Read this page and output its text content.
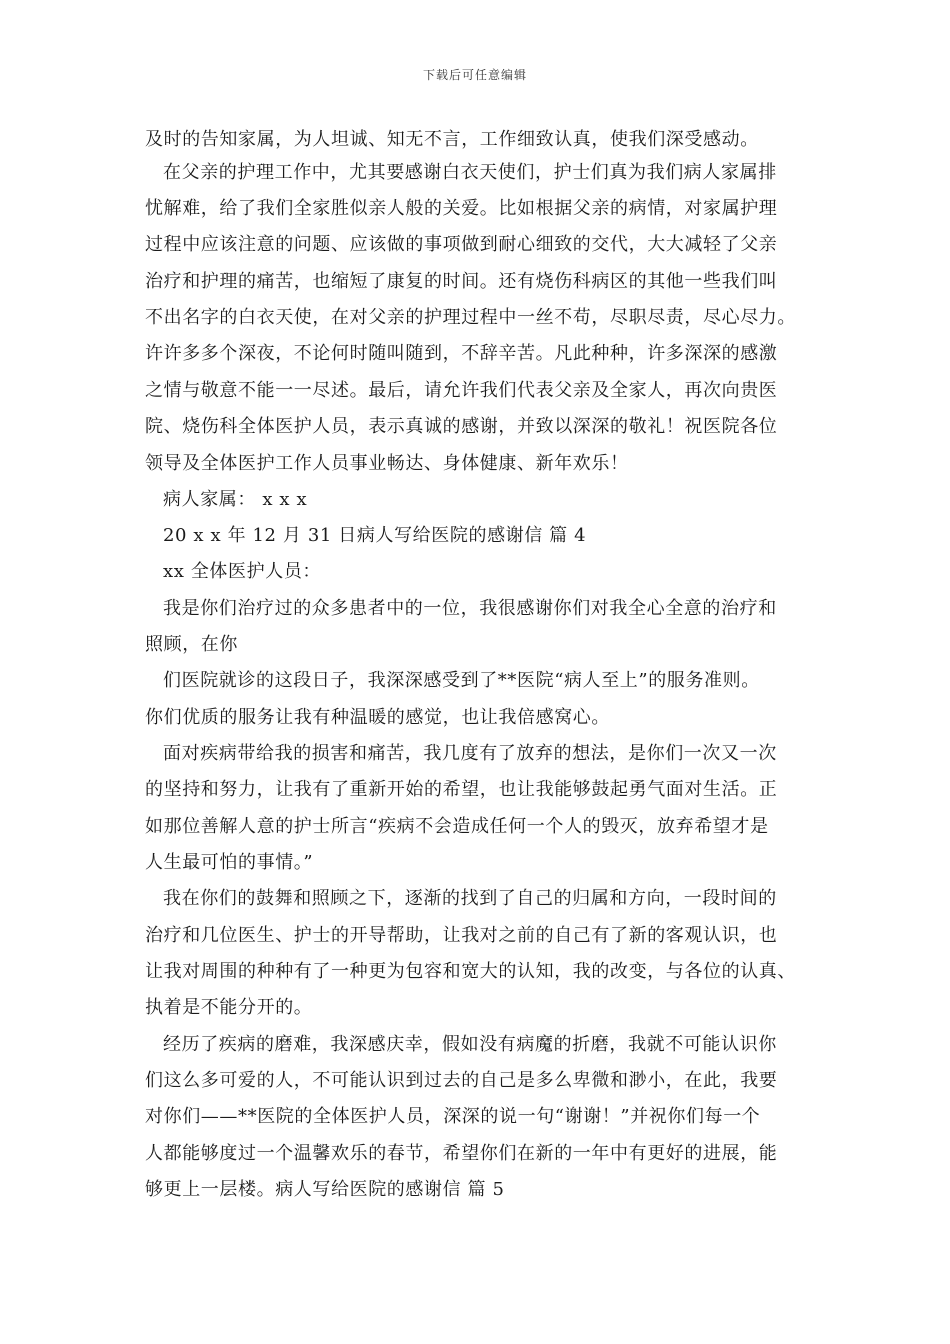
下载后可任意编辑
及时的告知家属，为人坦诚、知无不言，工作细致认真，使我们深受感动。
在父亲的护理工作中，尤其要感谢白衣天使们，护士们真为我们病人家属排
忧解难，给了我们全家胜似亲人般的关爱。比如根据父亲的病情，对家属护理
过程中应该注意的问题、应该做的事项做到耐心细致的交代，大大减轻了父亲
治疗和护理的痛苦，也缩短了康复的时间。还有烧伤科病区的其他一些我们叫
不出名字的白衣天使，在对父亲的护理过程中一丝不苟，尽职尽责，尽心尽力。
许许多多个深夜，不论何时随叫随到，不辞辛苦。凡此种种，许多深深的感激
之情与敬意不能一一尽述。最后，请允许我们代表父亲及全家人，再次向贵医
院、烧伤科全体医护人员，表示真诚的感谢，并致以深深的敬礼！祝医院各位
领导及全体医护工作人员事业畅达、身体健康、新年欢乐！
病人家属： x x x
20 x x 年 12 月 31 日病人写给医院的感谢信 篇 4
xx 全体医护人员：
我是你们治疗过的众多患者中的一位，我很感谢你们对我全心全意的治疗和
照顾，在你
们医院就诊的这段日子，我深深感受到了**医院“病人至上”的服务准则。
你们优质的服务让我有种温暖的感觉，也让我倍感窝心。
面对疾病带给我的损害和痛苦，我几度有了放弃的想法，是你们一次又一次
的坚持和努力，让我有了重新开始的希望，也让我能够鼓起勇气面对生活。正
如那位善解人意的护士所言“疾病不会造成任何一个人的毁灭，放弃希望才是
人生最可怕的事情。”
我在你们的鼓舞和照顾之下，逐渐的找到了自己的归属和方向，一段时间的
治疗和几位医生、护士的开导帮助，让我对之前的自己有了新的客观认识，也
让我对周围的种种有了一种更为包容和宽大的认知，我的改变，与各位的认真、
执着是不能分开的。
经历了疾病的磨难，我深感庆幸，假如没有病魔的折磨，我就不可能认识你
们这么多可爱的人，不可能认识到过去的自己是多么卑微和渺小，在此，我要
对你们——**医院的全体医护人员，深深的说一句“谢谢！”并祝你们每一个
人都能够度过一个温馨欢乐的春节，希望你们在新的一年中有更好的进展，能
够更上一层楼。病人写给医院的感谢信 篇 5
